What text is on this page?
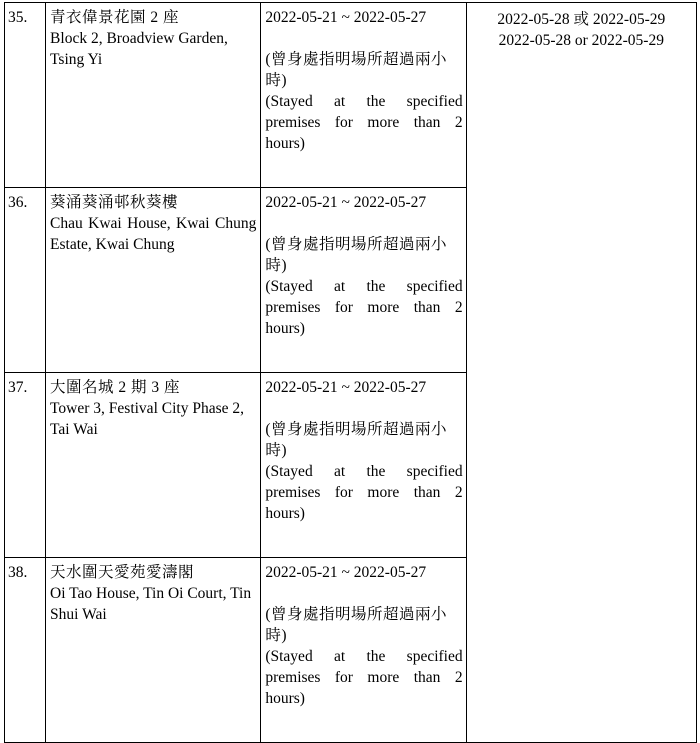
35.	青衣偉景花園 2 座
Block 2, Broadview Garden, Tsing Yi	2022-05-21 ~ 2022-05-27
(曾身處指明場所超過兩小時)
(Stayed at the specified premises for more than 2 hours)	2022-05-28 或 2022-05-29
2022-05-28 or 2022-05-29

36.	葵涌葵涌邨秋葵樓
Chau Kwai House, Kwai Chung Estate, Kwai Chung	2022-05-21 ~ 2022-05-27
(曾身處指明場所超過兩小時)
(Stayed at the specified premises for more than 2 hours)	

37.	大圍名城 2 期 3 座
Tower 3, Festival City Phase 2, Tai Wai	2022-05-21 ~ 2022-05-27
(曾身處指明場所超過兩小時)
(Stayed at the specified premises for more than 2 hours)	

38.	天水圍天愛苑愛濤閣
Oi Tao House, Tin Oi Court, Tin Shui Wai	2022-05-21 ~ 2022-05-27
(曾身處指明場所超過兩小時)
(Stayed at the specified premises for more than 2 hours)	
